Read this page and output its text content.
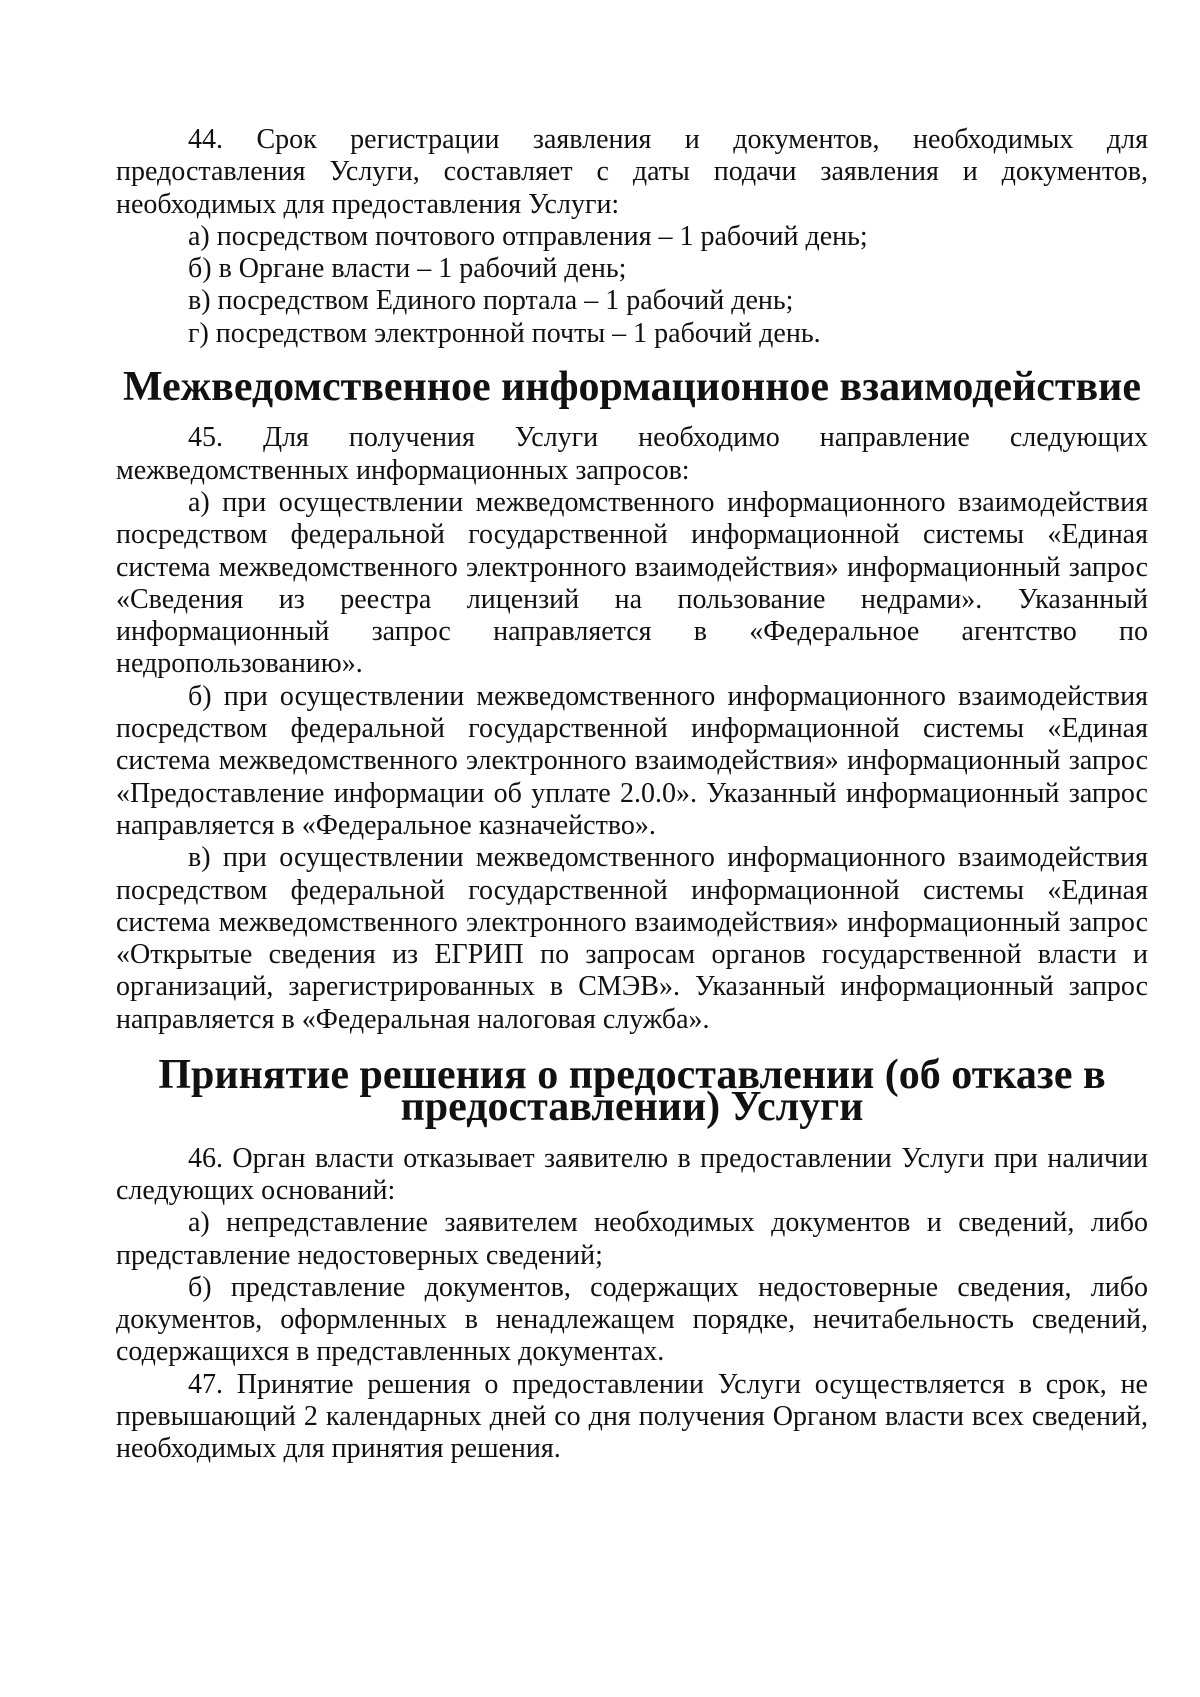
44. Срок регистрации заявления и документов, необходимых для предоставления Услуги, составляет с даты подачи заявления и документов, необходимых для предоставления Услуги:

а) посредством почтового отправления – 1 рабочий день;

б) в Органе власти – 1 рабочий день;

в) посредством Единого портала – 1 рабочий день;

г) посредством электронной почты – 1 рабочий день.

Межведомственное информационное взаимодействие

45. Для получения Услуги необходимо направление следующих межведомственных информационных запросов:

а) при осуществлении межведомственного информационного взаимодействия посредством федеральной государственной информационной системы «Единая система межведомственного электронного взаимодействия» информационный запрос «Сведения из реестра лицензий на пользование недрами». Указанный информационный запрос направляется в «Федеральное агентство по недропользованию».

б) при осуществлении межведомственного информационного взаимодействия посредством федеральной государственной информационной системы «Единая система межведомственного электронного взаимодействия» информационный запрос «Предоставление информации об уплате 2.0.0». Указанный информационный запрос направляется в «Федеральное казначейство».

в) при осуществлении межведомственного информационного взаимодействия посредством федеральной государственной информационной системы «Единая система межведомственного электронного взаимодействия» информационный запрос «Открытые сведения из ЕГРИП по запросам органов государственной власти и организаций, зарегистрированных в СМЭВ». Указанный информационный запрос направляется в «Федеральная налоговая служба».

Принятие решения о предоставлении (об отказе в предоставлении) Услуги

46. Орган власти отказывает заявителю в предоставлении Услуги при наличии следующих оснований:

а) непредставление заявителем необходимых документов и сведений, либо представление недостоверных сведений;

б) представление документов, содержащих недостоверные сведения, либо документов, оформленных в ненадлежащем порядке, нечитабельность сведений, содержащихся в представленных документах.

47. Принятие решения о предоставлении Услуги осуществляется в срок, не превышающий 2 календарных дней со дня получения Органом власти всех сведений, необходимых для принятия решения.
